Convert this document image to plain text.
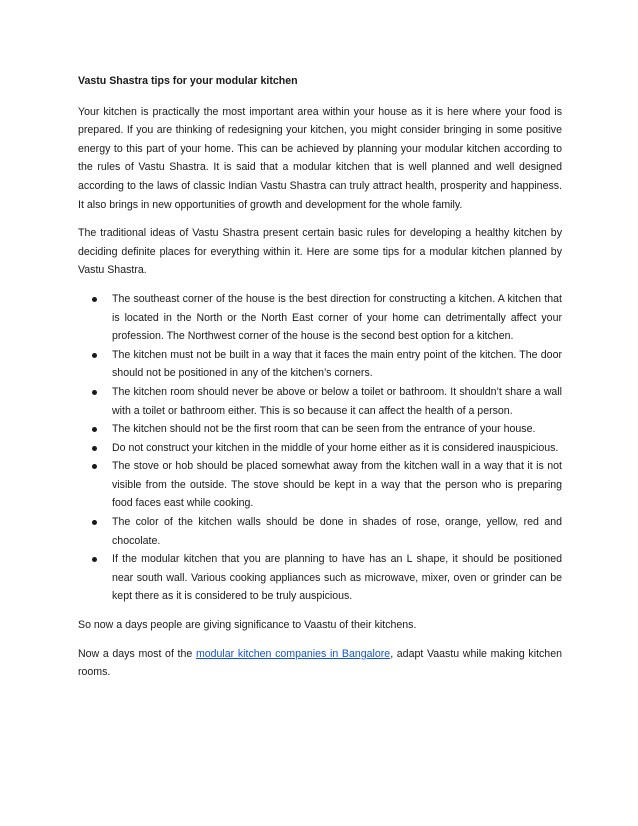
Vastu Shastra tips for your modular kitchen

Your kitchen is practically the most important area within your house as it is here where your food is prepared. If you are thinking of redesigning your kitchen, you might consider bringing in some positive energy to this part of your home. This can be achieved by planning your modular kitchen according to the rules of Vastu Shastra. It is said that a modular kitchen that is well planned and well designed according to the laws of classic Indian Vastu Shastra can truly attract health, prosperity and happiness. It also brings in new opportunities of growth and development for the whole family.

The traditional ideas of Vastu Shastra present certain basic rules for developing a healthy kitchen by deciding definite places for everything within it. Here are some tips for a modular kitchen planned by Vastu Shastra.

The southeast corner of the house is the best direction for constructing a kitchen. A kitchen that is located in the North or the North East corner of your home can detrimentally affect your profession. The Northwest corner of the house is the second best option for a kitchen.
The kitchen must not be built in a way that it faces the main entry point of the kitchen. The door should not be positioned in any of the kitchen’s corners.
The kitchen room should never be above or below a toilet or bathroom. It shouldn’t share a wall with a toilet or bathroom either. This is so because it can affect the health of a person.
The kitchen should not be the first room that can be seen from the entrance of your house.
Do not construct your kitchen in the middle of your home either as it is considered inauspicious.
The stove or hob should be placed somewhat away from the kitchen wall in a way that it is not visible from the outside. The stove should be kept in a way that the person who is preparing food faces east while cooking.
The color of the kitchen walls should be done in shades of rose, orange, yellow, red and chocolate.
If the modular kitchen that you are planning to have has an L shape, it should be positioned near south wall. Various cooking appliances such as microwave, mixer, oven or grinder can be kept there as it is considered to be truly auspicious.

So now a days people are giving significance to Vaastu of their kitchens.

Now a days most of the modular kitchen companies in Bangalore, adapt Vaastu while making kitchen rooms.
